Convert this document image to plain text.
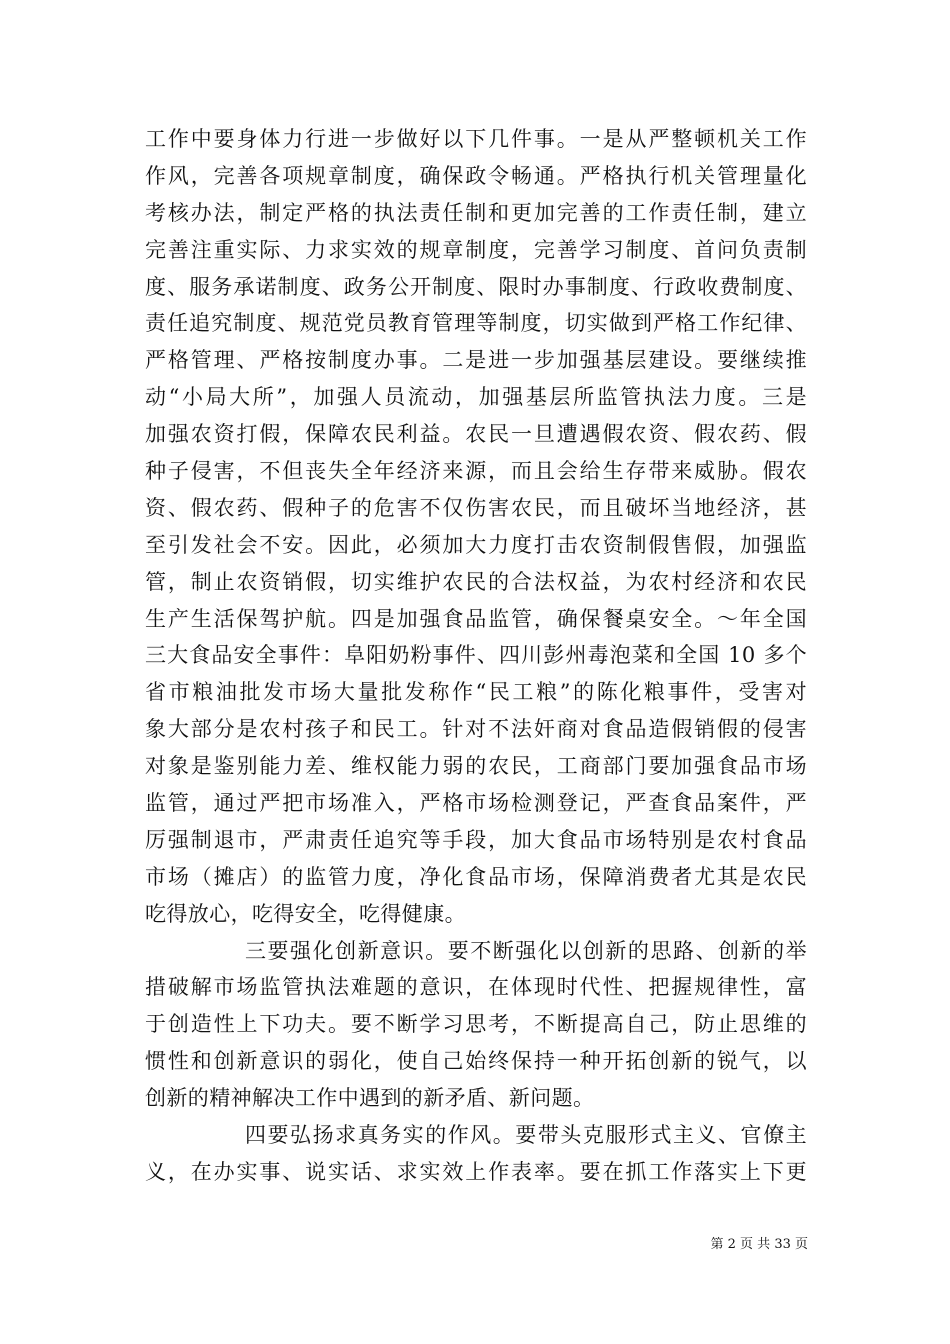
工作中要身体力行进一步做好以下几件事。一是从严整顿机关工作
作风，完善各项规章制度，确保政令畅通。严格执行机关管理量化
考核办法，制定严格的执法责任制和更加完善的工作责任制，建立
完善注重实际、力求实效的规章制度，完善学习制度、首问负责制
度、服务承诺制度、政务公开制度、限时办事制度、行政收费制度、
责任追究制度、规范党员教育管理等制度，切实做到严格工作纪律、
严格管理、严格按制度办事。二是进一步加强基层建设。要继续推
动“小局大所”，加强人员流动，加强基层所监管执法力度。三是
加强农资打假，保障农民利益。农民一旦遭遇假农资、假农药、假
种子侵害，不但丧失全年经济来源，而且会给生存带来威胁。假农
资、假农药、假种子的危害不仅伤害农民，而且破坏当地经济，甚
至引发社会不安。因此，必须加大力度打击农资制假售假，加强监
管，制止农资销假，切实维护农民的合法权益，为农村经济和农民
生产生活保驾护航。四是加强食品监管，确保餐桌安全。～年全国
三大食品安全事件：阜阳奶粉事件、四川彭州毒泡菜和全国 10 多个
省市粮油批发市场大量批发称作“民工粮”的陈化粮事件，受害对
象大部分是农村孩子和民工。针对不法奸商对食品造假销假的侵害
对象是鉴别能力差、维权能力弱的农民，工商部门要加强食品市场
监管，通过严把市场准入，严格市场检测登记，严查食品案件，严
厉强制退市，严肃责任追究等手段，加大食品市场特别是农村食品
市场（摊店）的监管力度，净化食品市场，保障消费者尤其是农民
吃得放心，吃得安全，吃得健康。
三要强化创新意识。要不断强化以创新的思路、创新的举
措破解市场监管执法难题的意识，在体现时代性、把握规律性，富
于创造性上下功夫。要不断学习思考，不断提高自己，防止思维的
惯性和创新意识的弱化，使自己始终保持一种开拓创新的锐气，以
创新的精神解决工作中遇到的新矛盾、新问题。
四要弘扬求真务实的作风。要带头克服形式主义、官僚主
义，在办实事、说实话、求实效上作表率。要在抓工作落实上下更
第 2 页 共 33 页
